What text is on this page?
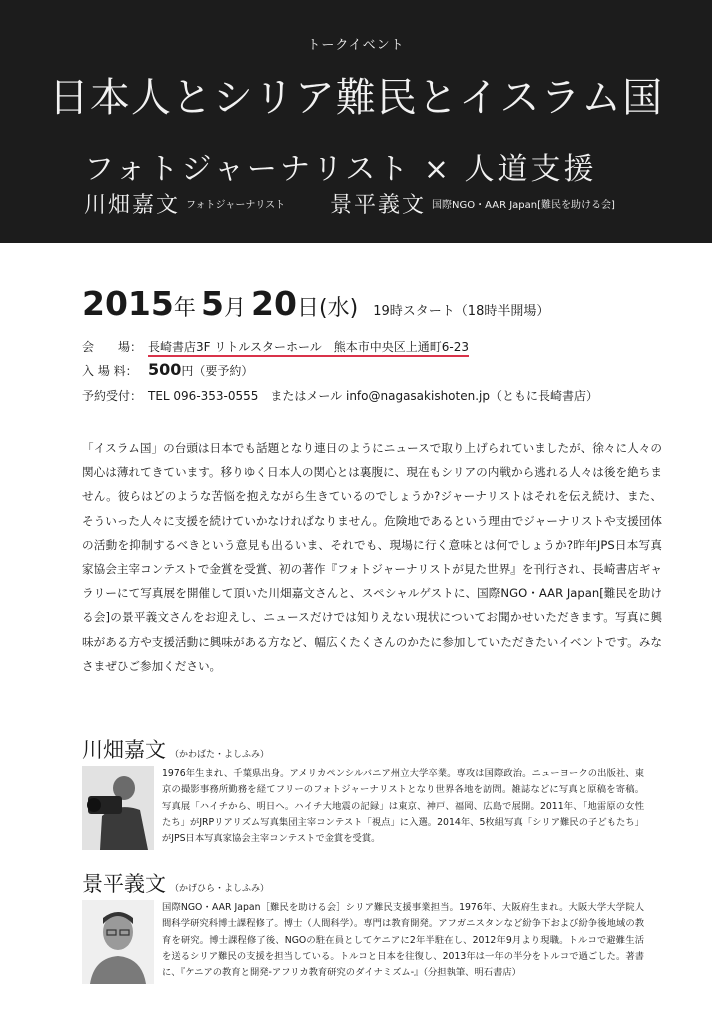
トークイベント
日本人とシリア難民とイスラム国
フォトジャーナリスト × 人道支援
川畑嘉文 フォトジャーナリスト 景平義文 国際NGO・AAR Japan[難民を助ける会]
2015年 5月 20日(水) 19時スタート（18時半開場）
会　　場： 長崎書店3F リトルスターホール　熊本市中央区上通町6-23
入 場 料： 500円（要予約）
予約受付： TEL 096-353-0555　またはメール info@nagasakishoten.jp（ともに長崎書店）
「イスラム国」の台頭は日本でも話題となり連日のようにニュースで取り上げられていましたが、徐々に人々の関心は薄れてきています。移りゆく日本人の関心とは裏腹に、現在もシリアの内戦から逃れる人々は後を絶ちません。彼らはどのような苦悩を抱えながら生きているのでしょうか?ジャーナリストはそれを伝え続け、また、そういった人々に支援を続けていかなければなりません。危険地であるという理由でジャーナリストや支援団体の活動を抑制するべきという意見も出るいま、それでも、現場に行く意味とは何でしょうか?昨年JPS日本写真家協会主宰コンテストで金賞を受賞、初の著作『フォトジャーナリストが見た世界』を刊行され、長崎書店ギャラリーにて写真展を開催して頂いた川畑嘉文さんと、スペシャルゲストに、国際NGO・AAR Japan[難民を助ける会]の景平義文さんをお迎えし、ニュースだけでは知りえない現状についてお聞かせいただきます。写真に興味がある方や支援活動に興味がある方など、幅広くたくさんのかたに参加していただきたいイベントです。みなさまぜひご参加ください。
川畑嘉文 （かわばた・よしふみ）
1976年生まれ、千葉県出身。アメリカペンシルバニア州立大学卒業。専攻は国際政治。ニューヨークの出版社、東京の撮影事務所勤務を経てフリーのフォトジャーナリストとなり世界各地を訪問。雑誌などに写真と原稿を寄稿。写真展「ハイチから、明日へ。ハイチ大地震の記録」は東京、神戸、福岡、広島で展開。2011年、「地雷原の女性たち」がJRPリアリズム写真集団主宰コンテスト「視点」に入選。2014年、5枚組写真「シリア難民の子どもたち」がJPS日本写真家協会主宰コンテストで金賞を受賞。
景平義文 （かげひら・よしふみ）
国際NGO・AAR Japan［難民を助ける会］シリア難民支援事業担当。1976年、大阪府生まれ。大阪大学大学院人間科学研究科博士課程修了。博士（人間科学）。専門は教育開発。アフガニスタンなど紛争下および紛争後地域の教育を研究。博士課程修了後、NGOの駐在員としてケニアに2年半駐在し、2012年9月より現職。トルコで避難生活を送るシリア難民の支援を担当している。トルコと日本を往復し、2013年は一年の半分をトルコで過ごした。著書に、『ケニアの教育と開発-アフリカ教育研究のダイナミズム-』（分担執筆、明石書店）
